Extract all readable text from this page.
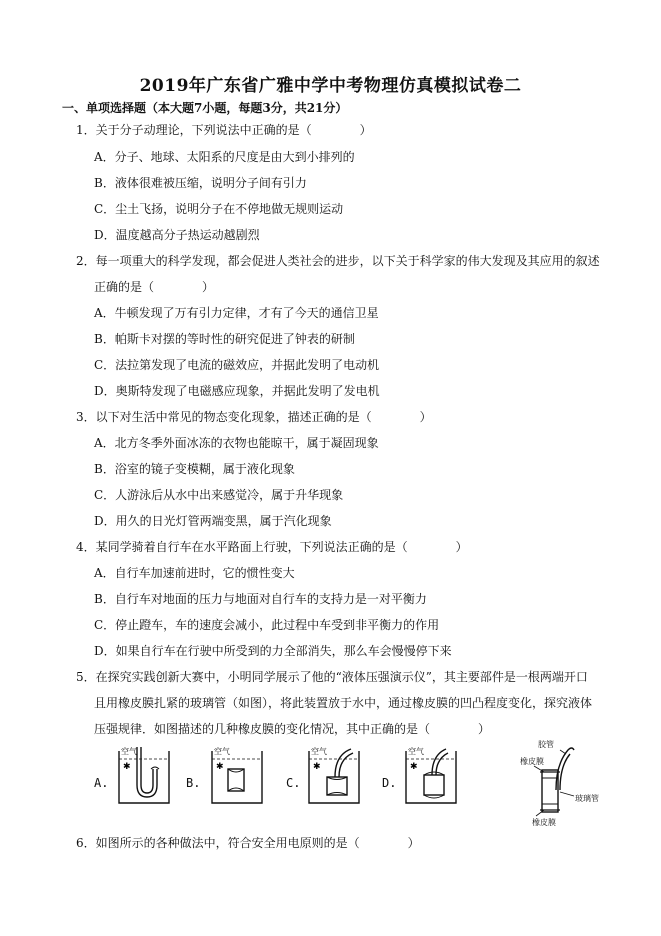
2019年广东省广雅中学中考物理仿真模拟试卷二
一、单项选择题（本大题7小题，每题3分，共21分）
1．关于分子动理论，下列说法中正确的是（　　　　）
A．分子、地球、太阳系的尺度是由大到小排列的
B．液体很难被压缩，说明分子间有引力
C．尘土飞扬，说明分子在不停地做无规则运动
D．温度越高分子热运动越剧烈
2．每一项重大的科学发现，都会促进人类社会的进步，以下关于科学家的伟大发现及其应用的叙述
正确的是（　　　　）
A．牛顿发现了万有引力定律，才有了今天的通信卫星
B．帕斯卡对摆的等时性的研究促进了钟表的研制
C．法拉第发现了电流的磁效应，并据此发明了电动机
D．奥斯特发现了电磁感应现象，并据此发明了发电机
3．以下对生活中常见的物态变化现象，描述正确的是（　　　　）
A．北方冬季外面冰冻的衣物也能晾干，属于凝固现象
B．浴室的镜子变模糊，属于液化现象
C．人游泳后从水中出来感觉冷，属于升华现象
D．用久的日光灯管两端变黑，属于汽化现象
4．某同学骑着自行车在水平路面上行驶，下列说法正确的是（　　　　）
A．自行车加速前进时，它的惯性变大
B．自行车对地面的压力与地面对自行车的支持力是一对平衡力
C．停止蹬车，车的速度会减小，此过程中车受到非平衡力的作用
D．如果自行车在行驶中所受到的力全部消失，那么车会慢慢停下来
5．在探究实践创新大赛中，小明同学展示了他的“液体压强演示仪”，其主要部件是一根两端开口
且用橡皮膜扎紧的玻璃管（如图），将此装置放于水中，通过橡皮膜的凹凸程度变化，探究液体
压强规律．如图描述的几种橡皮膜的变化情况，其中正确的是（　　　　）
A.	B.	C.	D.
✱
空气
✱
空气
✱
空气
✱
空气
胶管
橡皮膜
玻璃管
橡皮膜
6．如图所示的各种做法中，符合安全用电原则的是（　　　　）
